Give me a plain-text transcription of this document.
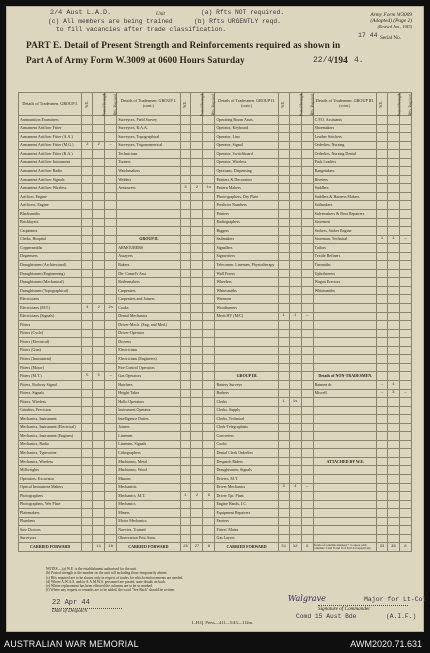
2/4 Aust L.A.D.	Unit	(a) Rfts NOT required.
(c) All members are being trained	(b) Rfts URGENTLY reqd.
to fill vacancies after trade classification.
Army Form W3009
(Adapted) (Page 2)
(Revised Jan., 1943)
17 44 Serial No.
PART E. Detail of Present Strength and Reinforcements required as shown in
Part A of Army Form W.3009 at 0600 Hours Saturday	22/4
/194 4.
Details of Tradesmen. GROUP I.	W.E.	Posted Strength.	Rfts. Required.	Details of Tradesmen. GROUP I. (cont.)	W.E.	Posted Strength.	Rfts. Required.	Details of Tradesmen. GROUP II. (cont.)	W.E.	Posted Strength.	Rfts. Required.	Details of Tradesmen. GROUP III. (cont.)	W.E.	Posted Strength.	Rfts. Required.
Ammunition Examiners				Surveyors, Field Survey				Operating Room Assts.				C.P.O. Assistants			
Armament Artificer Fitter				Surveyors, R.A.A.				Operator, Keyboard				Shoemakers			
Armament Artificer Fitter (A.A.)				Surveyors, Topographical				Operator, Lino				Leather Stitchers			
Armament Artificer Fitter (M.G.)	2	2	—	Surveyors, Trigonometrical				Operator, Signal				Orderlies, Nursing			
Armament Artificer Fitter (R.A.)				Technicians				Operator, Switchboard				Orderlies, Nursing Dental			
Armament Artificer Instrument				Turners				Operator, Wireless				Pack Leaders			
Armament Artificer Radio				Watchmakers				Opticians, Dispensing				Rangetakers			
Armament Artificer Signals				Welders				Painters & Decorators				Riveters			
Armament Artificer Wireless				Armourers	3	2	1s	Pattern Makers				Saddlers			
Artificer, Engine								Photo-graphers, Dry Plate				Saddlers & Harness Makers			
Artificers, Engine								Predictor Numbers				Sailmakers			
Blacksmiths								Printers				Salvemakers & Boot Repairers			
Bricklayers								Radiographers				Storemen			
Carpenters								Riggers				Stokers, Stoker Engine			
Clerks, Hospital				GROUP II.				Sailmakers				Storeman, Technical	1	1	—
Coppersmiths				ARMOURERS				Signallers				Tailors			
Dispensers				Assayers				Signwriters				Textile Refiners			
Draughtsmen (Architectural)				Bakers				Telecomm. Linemen, Physiotherapy				Tinsmiths			
Draughtsmen (Engineering)				Dir. Camel's Asst.				Wall Fixers				Upholsterers			
Draughtsmen (Mechanical)				Boilermakers				Wheelers				Wagon Erectors			
Draughtsmen (Topographical)				Carpenters				Whitesmiths				Whitesmiths			
Electricians				Carpenters and Joiners				Wiremen							
Electricians (M.T.)	4	2	2s	Cooks				Woodturners							
Electricians (Signals)				Dental Mechanics				Mech HV (M/C)	1	1	—				
Fitters				Driver-Mech. (Eng. and Med.)											
Fitters (Cycle)				Driver-Operator											
Fitters (Electrical)				Drovers											
Fitters (Gun)				Electricians											
Fitters (Instrument)				Electricians (Engineers)											
Fitters (Motor)				Fire Control Operators											
Fitters (M.T.)	5	5	—	Gas Operators				GROUP III.				Details of NON-TRADESMEN.			
Fitters, Railway Signal				Hatchers				Battery Surveys				Batmen dr	—	1	
Fitters, Signals				Height Taker				Barbers				Miscell.	—	3	—
Fitters, Wireless				Hollo Operators				Clerks	1	1s					
Grinders, Precision				Instrument Operator				Clerks, Supply							
Mechanics, Instrument				Intelligence Duties				Clerks, Technical							
Mechanics, Instrument (Electrical)				Joiners				Clerk-Telegraphists							
Mechanics, Instrument (Engines)				Linemen				Concreters							
Mechanics, Radio				Linemen, Signals				Cooks							
Mechanics, Typewriter				Lithographers				Dental Clerk Orderlies							
Mechanics, Wireless				Machinists, Metal				Despatch Riders				ATTACHED BY W.E.			
Millwrights				Machinists, Wood				Draughtsmen, Signals							
Operators, Excavator				Masons				Drivers, M.T.							
Optical Instrument Makers				Mechanists				Driver Mechanics	3	4	—				
Photographers				Mechanics, M.T.	1	2	9	Driver Tpt. Plant							
Photographers, Wet Plate				Mechanics				Engine Hands, I.C.							
Platemakers				Miners				Equipment Repairers							
Plumbers				Motor Mechanics				Farriers							
Saw Doctors				Navvies, Trained				Fitters' Mates							
Surveyors				Observation Post Assts.				Gas Layers							
CARRIED FORWARD		11	16	CARRIED FORWARD	26	27	6	CARRIED FORWARD	31	32	9	Totals of columns marked * to agree with columns 3 and 8 and 9 of Part A respectively.	33	36	8
NOTES.—(a) W.E. is the establishment authorised for the unit.
(b) Posted strength is the number on the unit roll including those temporarily absent.
(c) Rfts required are to be shown only in respect of trades for which reinforcements are needed.
(d) Where A.W.A.S. and/or A.A.M.W.S. personnel are posted, state details on back.
(e) Where replacement has been effected the columns are to be so marked.
(f) Where any request or remarks are to be added, the word "See Back" should be written.
22 Apr 44
Date of Despatch
L.H.Q. Press—411—5/43—112m.
Walgrave	Major for Lt-Col
Signature of Commander
Comd 15 Aust Bde	(A.I.F.)
AUSTRALIAN WAR MEMORIAL	AWM2020.71.631
